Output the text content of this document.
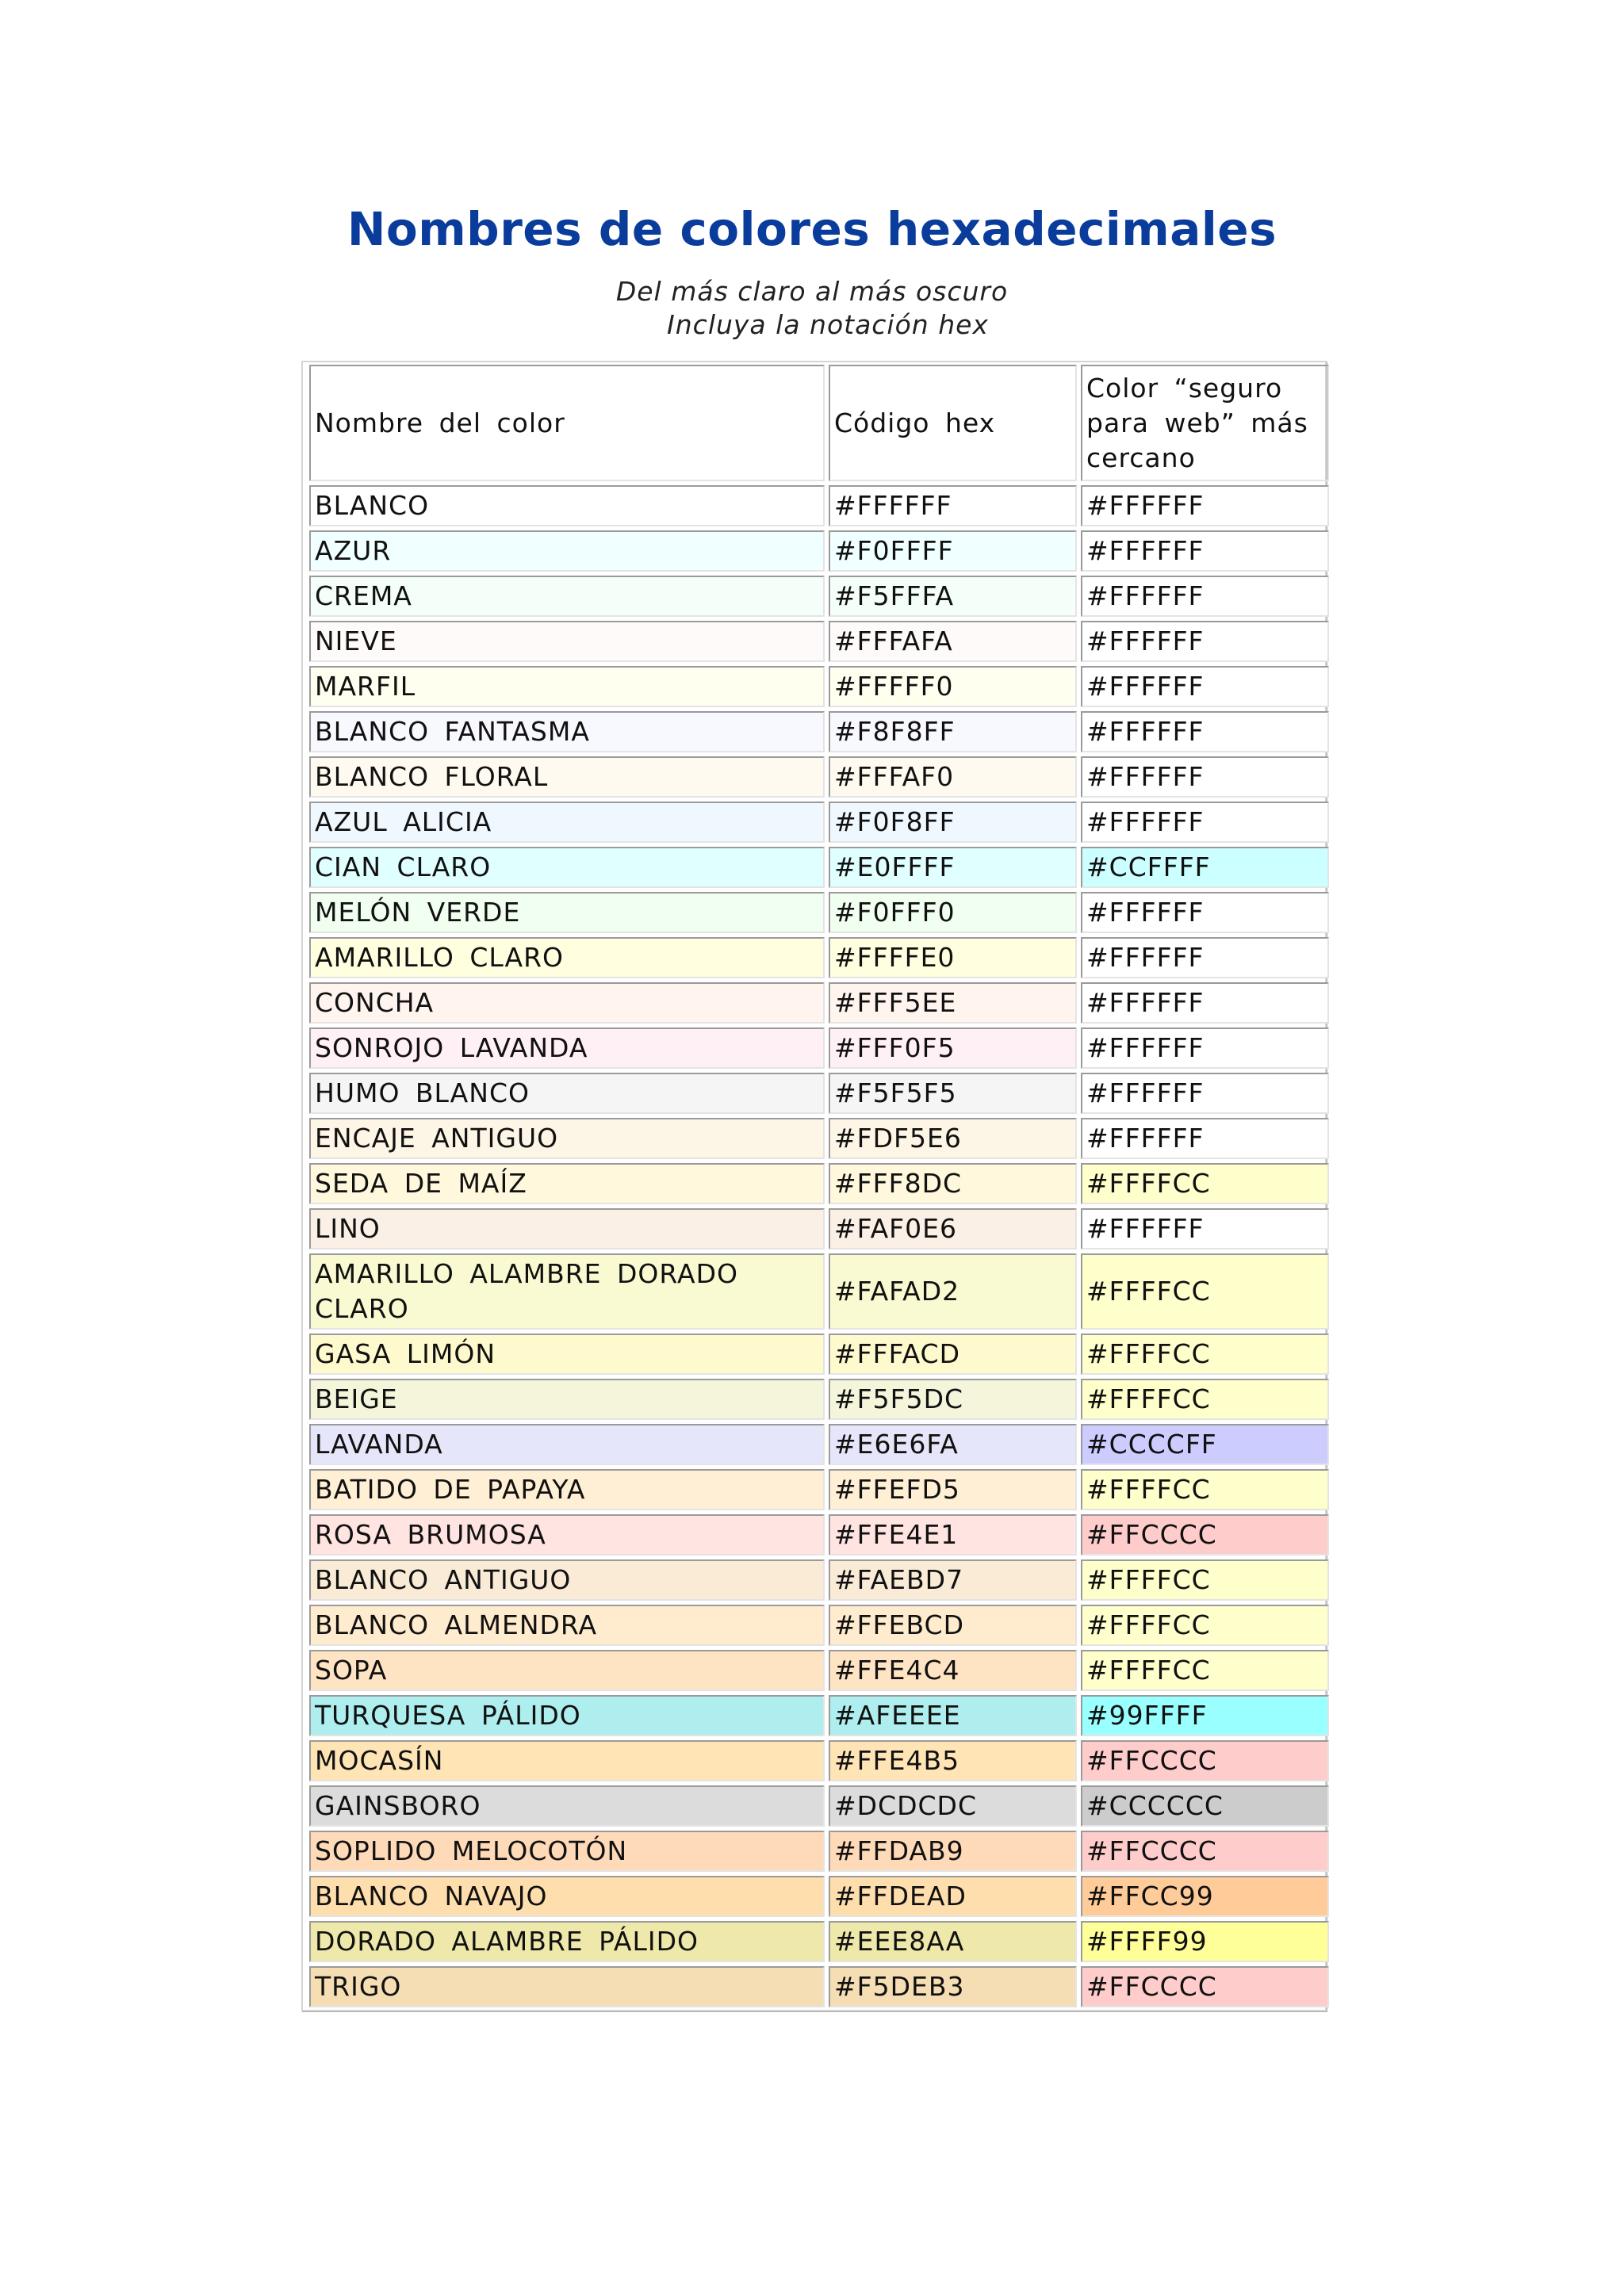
Nombres de colores hexadecimales
Del más claro al más oscuro
Incluya la notación hex
Nombre del color	Código hex	Color “seguro para web” más cercano
BLANCO	#FFFFFF	#FFFFFF
AZUR	#F0FFFF	#FFFFFF
CREMA	#F5FFFA	#FFFFFF
NIEVE	#FFFAFA	#FFFFFF
MARFIL	#FFFFF0	#FFFFFF
BLANCO FANTASMA	#F8F8FF	#FFFFFF
BLANCO FLORAL	#FFFAF0	#FFFFFF
AZUL ALICIA	#F0F8FF	#FFFFFF
CIAN CLARO	#E0FFFF	#CCFFFF
MELÓN VERDE	#F0FFF0	#FFFFFF
AMARILLO CLARO	#FFFFE0	#FFFFFF
CONCHA	#FFF5EE	#FFFFFF
SONROJO LAVANDA	#FFF0F5	#FFFFFF
HUMO BLANCO	#F5F5F5	#FFFFFF
ENCAJE ANTIGUO	#FDF5E6	#FFFFFF
SEDA DE MAÍZ	#FFF8DC	#FFFFCC
LINO	#FAF0E6	#FFFFFF
AMARILLO ALAMBRE DORADO CLARO	#FAFAD2	#FFFFCC
GASA LIMÓN	#FFFACD	#FFFFCC
BEIGE	#F5F5DC	#FFFFCC
LAVANDA	#E6E6FA	#CCCCFF
BATIDO DE PAPAYA	#FFEFD5	#FFFFCC
ROSA BRUMOSA	#FFE4E1	#FFCCCC
BLANCO ANTIGUO	#FAEBD7	#FFFFCC
BLANCO ALMENDRA	#FFEBCD	#FFFFCC
SOPA	#FFE4C4	#FFFFCC
TURQUESA PÁLIDO	#AFEEEE	#99FFFF
MOCASÍN	#FFE4B5	#FFCCCC
GAINSBORO	#DCDCDC	#CCCCCC
SOPLIDO MELOCOTÓN	#FFDAB9	#FFCCCC
BLANCO NAVAJO	#FFDEAD	#FFCC99
DORADO ALAMBRE PÁLIDO	#EEE8AA	#FFFF99
TRIGO	#F5DEB3	#FFCCCC
